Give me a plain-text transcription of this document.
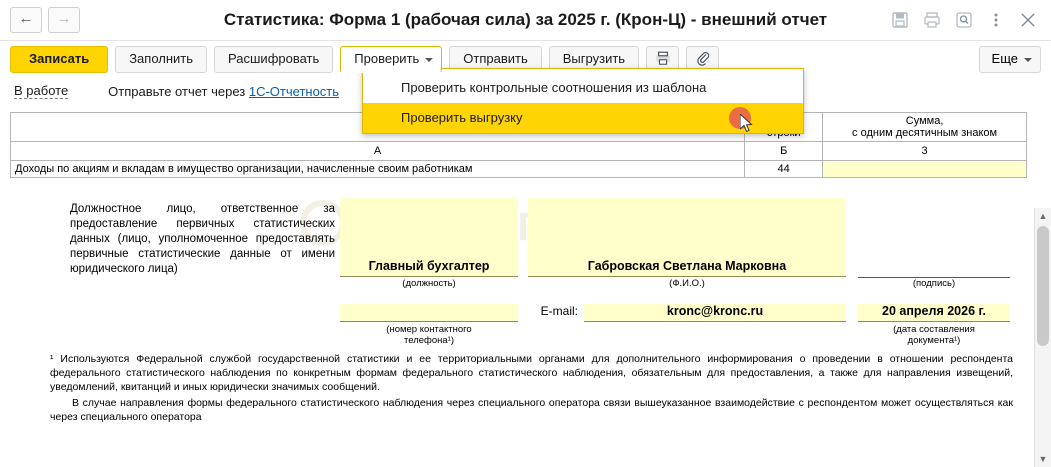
←	→	Статистика: Форма 1 (рабочая сила) за 2025 г. (Крон-Ц) - внешний отчет
Записать	Заполнить	Расшифровать	Проверить	Отправить	Выгрузить	Еще
В работе	Отправьте отчет через 1С-Отчетность	Проверить контрольные соотношения из шаблона
Проверить выгрузку

		Сумма,
с одним десятичным знаком

А	Б	3
Доходы по акциям и вкладам в имущество организации, начисленные своим работникам	44	
Должностное лицо, ответственное за предоставление первичных статистических данных (лицо, уполномоченное предоставлять первичные статистические данные от имени юридического лица)	Главный бухгалтер
(должность)
Габровская Светлана Марковна
(Ф.И.О.)	(подпись)

(номер контактного
телефона¹)
E-mail:	kronc@kronc.ru	20 апреля 2026 г.
(дата составления
документа¹)

¹ Используются Федеральной службой государственной статистики и ее территориальными органами для дополнительного информирования о проведении в отношении респондента федерального статистического наблюдения по конкретным формам федерального статистического наблюдения, обязательным для предоставления, а также для направления извещений, уведомлений, квитанций и иных юридически значимых сообщений.

В случае направления формы федерального статистического наблюдения через специального оператора связи вышеуказанное взаимодействие с респондентом может осуществляться как через специального оператора

▲
▼
